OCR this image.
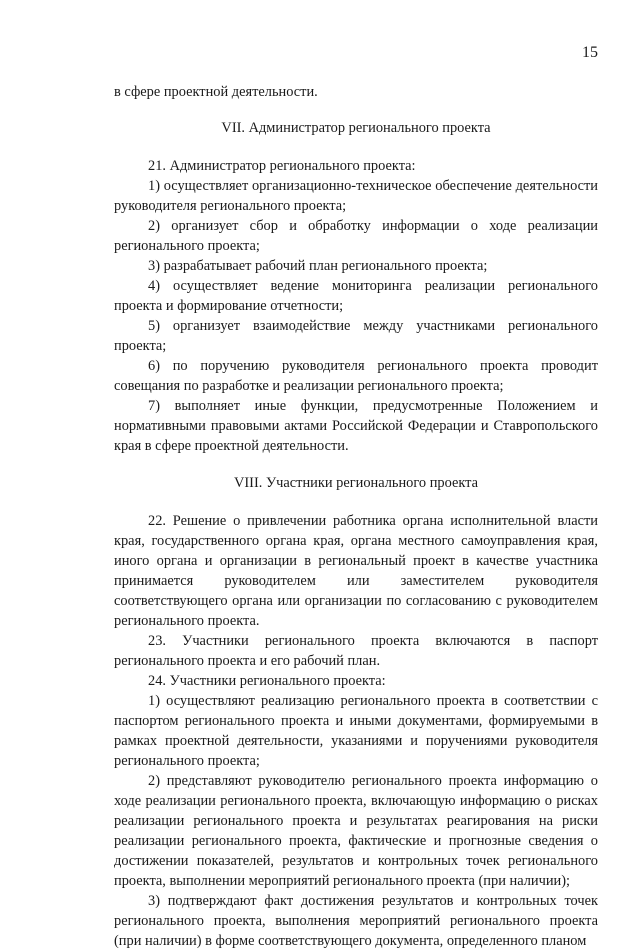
15

в сфере проектной деятельности.

VII. Администратор регионального проекта

21. Администратор регионального проекта:

1) осуществляет организационно-техническое обеспечение деятельности руководителя регионального проекта;

2) организует сбор и обработку информации о ходе реализации регионального проекта;

3) разрабатывает рабочий план регионального проекта;

4) осуществляет ведение мониторинга реализации регионального проекта и формирование отчетности;

5) организует взаимодействие между участниками регионального проекта;

6) по поручению руководителя регионального проекта проводит совещания по разработке и реализации регионального проекта;

7) выполняет иные функции, предусмотренные Положением и нормативными правовыми актами Российской Федерации и Ставропольского края в сфере проектной деятельности.

VIII. Участники регионального проекта

22. Решение о привлечении работника органа исполнительной власти края, государственного органа края, органа местного самоуправления края, иного органа и организации в региональный проект в качестве участника принимается руководителем или заместителем руководителя соответствующего органа или организации по согласованию с руководителем регионального проекта.

23. Участники регионального проекта включаются в паспорт регионального проекта и его рабочий план.

24. Участники регионального проекта:

1) осуществляют реализацию регионального проекта в соответствии с паспортом регионального проекта и иными документами, формируемыми в рамках проектной деятельности, указаниями и поручениями руководителя регионального проекта;

2) представляют руководителю регионального проекта информацию о ходе реализации регионального проекта, включающую информацию о рисках реализации регионального проекта и результатах реагирования на риски реализации регионального проекта, фактические и прогнозные сведения о достижении показателей, результатов и контрольных точек регионального проекта, выполнении мероприятий регионального проекта (при наличии);

3) подтверждают факт достижения результатов и контрольных точек регионального проекта, выполнения мероприятий регионального проекта (при наличии) в форме соответствующего документа, определенного планом
